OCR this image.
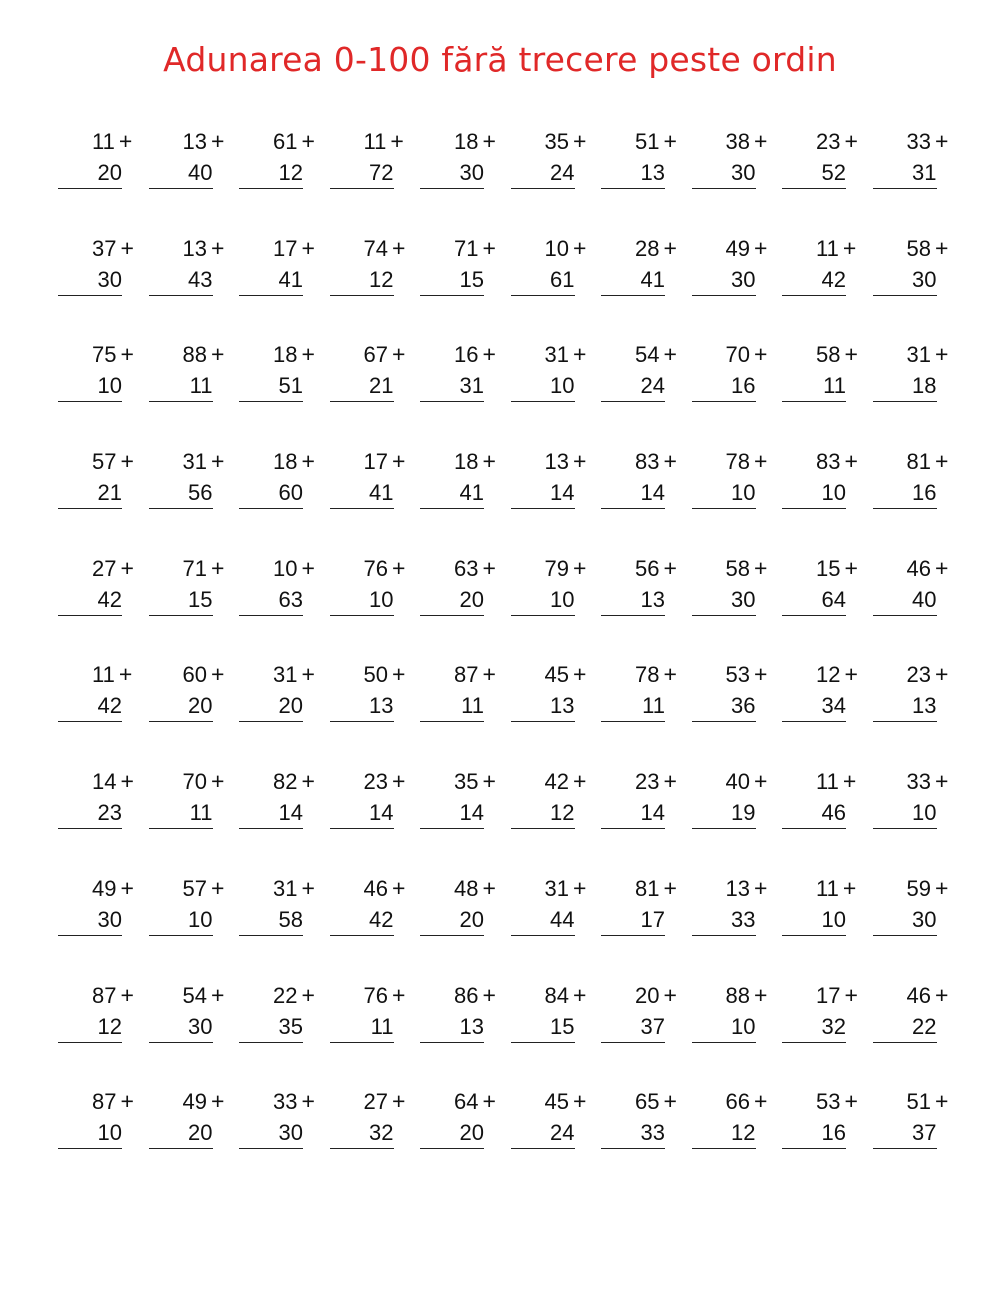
Adunarea 0-100 fără trecere peste ordin
11 +
20
13 +
40
61 +
12
11 +
72
18 +
30
35 +
24
51 +
13
38 +
30
23 +
52
33 +
31
37 +
30
13 +
43
17 +
41
74 +
12
71 +
15
10 +
61
28 +
41
49 +
30
11 +
42
58 +
30
75 +
10
88 +
11
18 +
51
67 +
21
16 +
31
31 +
10
54 +
24
70 +
16
58 +
11
31 +
18
57 +
21
31 +
56
18 +
60
17 +
41
18 +
41
13 +
14
83 +
14
78 +
10
83 +
10
81 +
16
27 +
42
71 +
15
10 +
63
76 +
10
63 +
20
79 +
10
56 +
13
58 +
30
15 +
64
46 +
40
11 +
42
60 +
20
31 +
20
50 +
13
87 +
11
45 +
13
78 +
11
53 +
36
12 +
34
23 +
13
14 +
23
70 +
11
82 +
14
23 +
14
35 +
14
42 +
12
23 +
14
40 +
19
11 +
46
33 +
10
49 +
30
57 +
10
31 +
58
46 +
42
48 +
20
31 +
44
81 +
17
13 +
33
11 +
10
59 +
30
87 +
12
54 +
30
22 +
35
76 +
11
86 +
13
84 +
15
20 +
37
88 +
10
17 +
32
46 +
22
87 +
10
49 +
20
33 +
30
27 +
32
64 +
20
45 +
24
65 +
33
66 +
12
53 +
16
51 +
37
